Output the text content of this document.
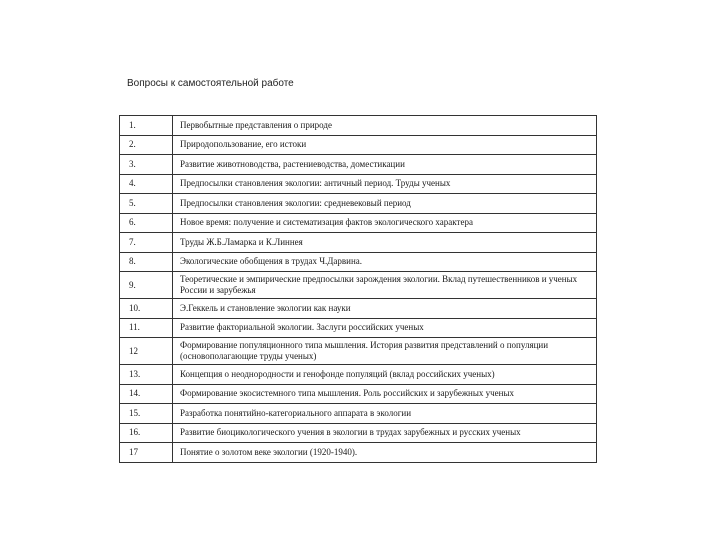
Вопросы к самостоятельной работе
1.	Первобытные представления о природе
2.	Природопользование, его истоки
3.	Развитие животноводства, растениеводства, доместикации
4.	Предпосылки становления экологии: античный период. Труды ученых
5.	Предпосылки становления экологии: средневековый период
6.	Новое время: получение и систематизация фактов экологического характера
7.	Труды Ж.Б.Ламарка и К.Линнея
8.	Экологические обобщения в трудах Ч.Дарвина.
9.	Теоретические и эмпирические предпосылки зарождения экологии. Вклад путешественников и ученых России и зарубежья
10.	Э.Геккель и становление экологии как науки
11.	Развитие факториальной экологии. Заслуги российских ученых
12	Формирование популяционного типа мышления. История развития представлений о популяции (основополагающие труды ученых)
13.	Концепция о неоднородности и генофонде популяций (вклад российских ученых)
14.	Формирование экосистемного типа мышления. Роль российских и зарубежных ученых
15.	Разработка понятийно-категориального аппарата в экологии
16.	Развитие биоцикологического учения в экологии в трудах зарубежных и русских ученых
17	Понятие о золотом веке экологии (1920-1940).
